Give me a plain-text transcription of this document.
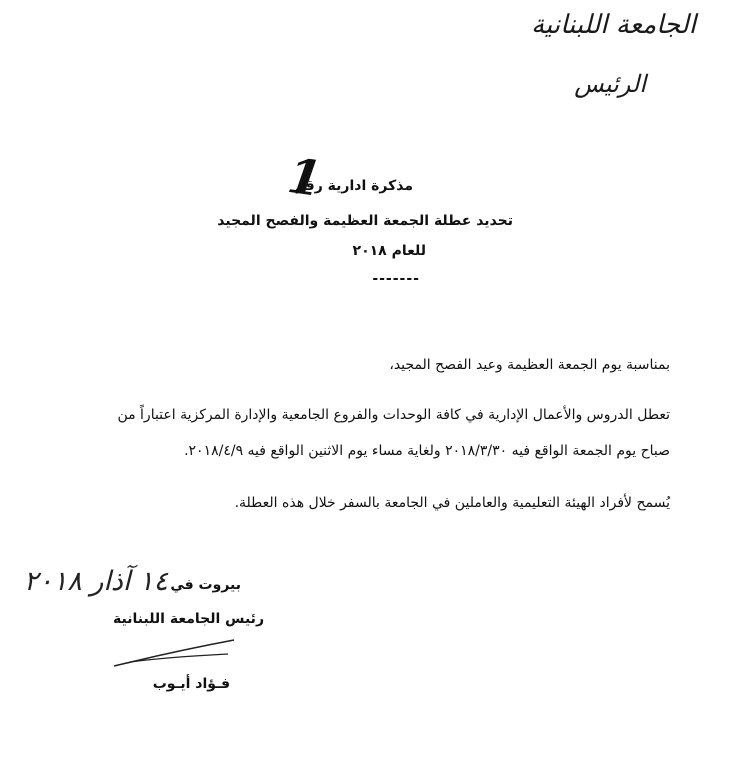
الجامعة اللبنانية
الرئيس
1
مذكرة ادارية رقم
تحديد عطلة الجمعة العظيمة والفصح المجيد
للعام ٢٠١٨
-------
بمناسبة يوم الجمعة العظيمة وعيد الفصح المجيد،
تعطل الدروس والأعمال الإدارية في كافة الوحدات والفروع الجامعية والإدارة المركزية اعتباراً من
صباح يوم الجمعة الواقع فيه ٢٠١٨/٣/٣٠ ولغاية مساء يوم الاثنين الواقع فيه ٢٠١٨/٤/٩.
يُسمح لأفراد الهيئة التعليمية والعاملين في الجامعة بالسفر خلال هذه العطلة.
بيروت في
١٤ آذار ٢٠١٨
رئيس الجامعة اللبنانية
فـؤاد أيـوب
